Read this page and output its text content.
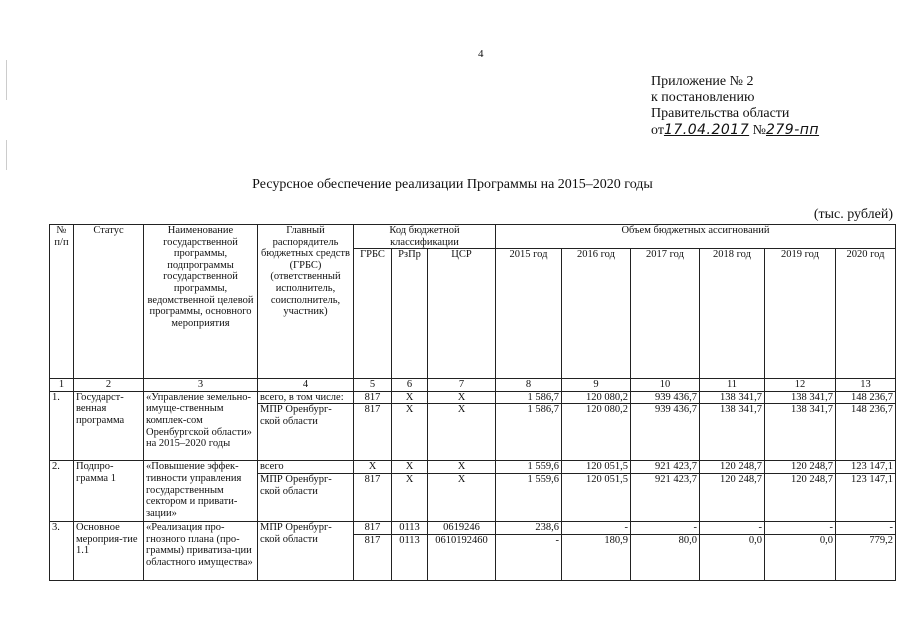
4
Приложение № 2
к постановлению
Правительства области
от17.04.2017 №279-пп
Ресурсное обеспечение реализации Программы на 2015–2020 годы
(тыс. рублей)
№ п/п	Статус	Наименование государственной программы, подпрограммы государственной программы, ведомственной целевой программы, основного мероприятия	Главный распорядитель бюджетных средств (ГРБС) (ответственный исполнитель, соисполнитель, участник)	Код бюджетной классификации			Объем бюджетных ассигнований					
				ГРБС	РзПр	ЦСР	2015 год	2016 год	2017 год	2018 год	2019 год	2020 год
1	2	3	4	5	6	7	8	9	10	11	12	13
1.	Государст-венная программа	«Управление земельно-имуще-ственным комплек-сом Оренбургской области» на 2015–2020 годы	всего, в том числе:	817	Х	Х	1 586,7	120 080,2	939 436,7	138 341,7	138 341,7	148 236,7
			МПР Оренбург-ской области	817	Х	Х	1 586,7	120 080,2	939 436,7	138 341,7	138 341,7	148 236,7
2.	Подпро-грамма 1	«Повышение эффек-тивности управления государственным сектором и привати-зации»	всего	Х	Х	Х	1 559,6	120 051,5	921 423,7	120 248,7	120 248,7	123 147,1
			МПР Оренбург-ской области	817	Х	Х	1 559,6	120 051,5	921 423,7	120 248,7	120 248,7	123 147,1
3.	Основное мероприя-тие 1.1	«Реализация про-гнозного плана (про-граммы) приватиза-ции областного имущества»	МПР Оренбург-ской области	817	0113	0619246	238,6	-	-	-	-	-
				817	0113	0610192460	-	180,9	80,0	0,0	0,0	779,2
